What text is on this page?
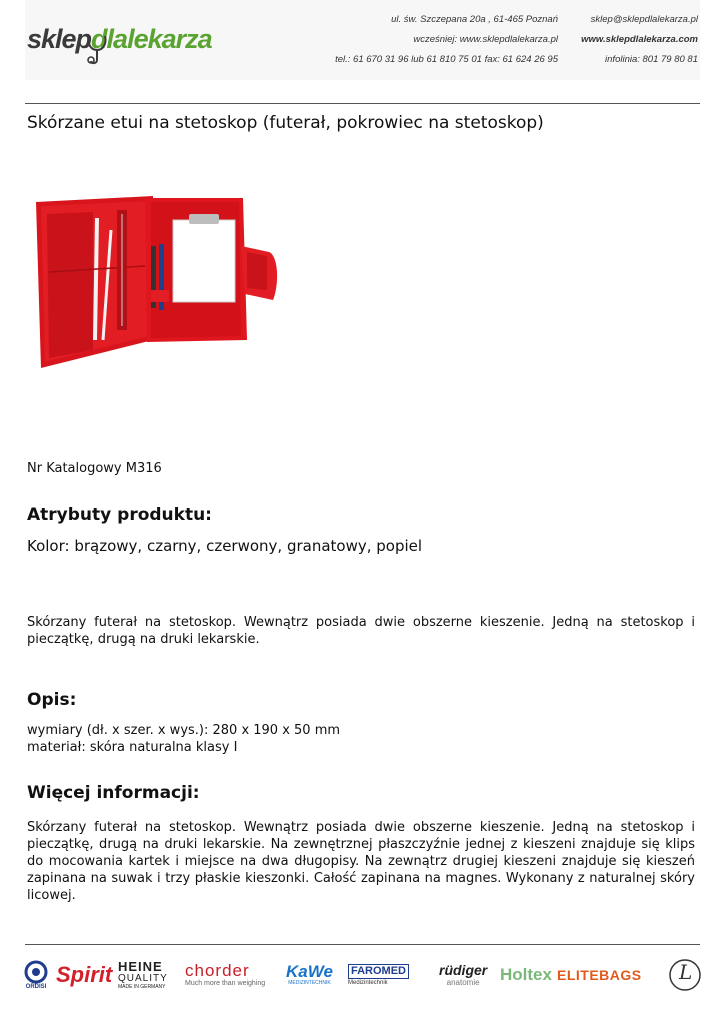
sklepdlalekarza
ul. św. Szczepana 20a , 61-465 Poznań
wcześniej: www.sklepdlalekarza.pl
tel.: 61 670 31 96 lub 61 810 75 01 fax: 61 624 26 95
sklep@sklepdlalekarza.pl
www.sklepdlalekarza.com
infolinia: 801 79 80 81
Skórzane etui na stetoskop (futerał, pokrowiec na stetoskop)
Nr Katalogowy M316
Atrybuty produktu:
Kolor: brązowy, czarny, czerwony, granatowy, popiel
Skórzany futerał na stetoskop. Wewnątrz posiada dwie obszerne kieszenie. Jedną na stetoskop i pieczątkę, drugą na druki lekarskie.
Opis:
wymiary (dł. x szer. x wys.): 280 x 190 x 50 mm
materiał: skóra naturalna klasy I
Więcej informacji:
Skórzany futerał na stetoskop. Wewnątrz posiada dwie obszerne kieszenie. Jedną na stetoskop i pieczątkę, drugą na druki lekarskie. Na zewnętrznej płaszczyźnie jednej z kieszeni znajduje się klips do mocowania kartek i miejsce na dwa długopisy. Na zewnątrz drugiej kieszeni znajduje się kieszeń zapinana na suwak i trzy płaskie kieszonki. Całość zapinana na magnes. Wykonany z naturalnej skóry licowej.
ORDISI Spirit HEINE
QUALITY
MADE IN GERMANY
chorder
Much more than weighing
KaWe
MEDIZINTECHNIK
FAROMED
Medizintechnik
rüdiger
anatomie Holtex ELITEBAGS L
